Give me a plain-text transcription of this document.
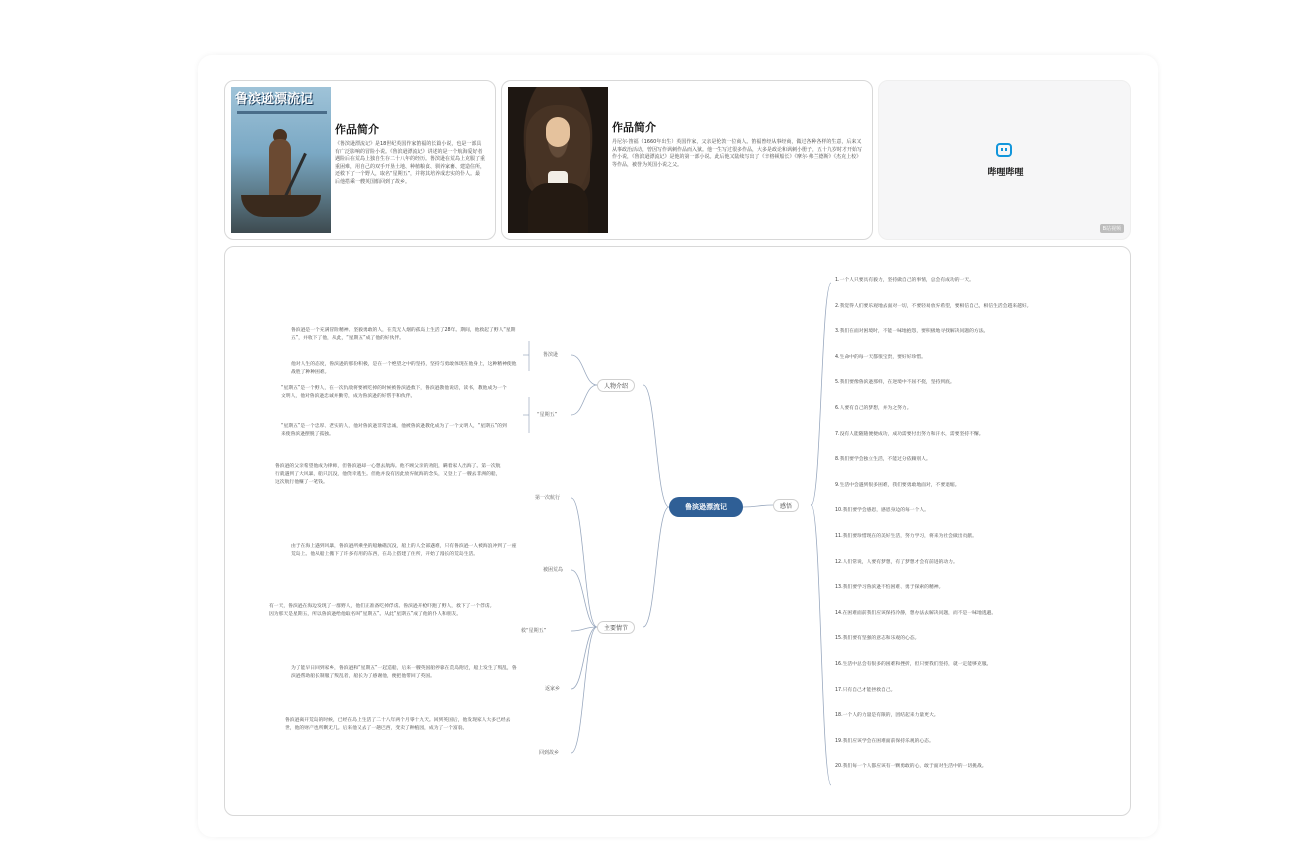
鲁滨逊漂流记
作品简介
《鲁滨逊漂流记》是18世纪英国作家笛福的长篇小说，也是一部具有广泛影响的冒险小说。《鲁滨逊漂流记》讲述的是一个航海爱好者遇险后在荒岛上独自生存二十八年的经历。鲁滨逊在荒岛上克服了重重困难，用自己的双手开垦土地、种植粮食、驯养家畜、建造住所，还救下了一个野人，取名“星期五”，并将其培养成忠实的仆人。最后他搭乘一艘英国船回到了故乡。
作品简介
丹尼尔·笛福（1660年出生）英国作家，父亲是伦敦一位商人。笛福曾经从事经商，做过各种各样的生意，后来又从事政治活动，曾因写作讽刺作品而入狱。他一生写过很多作品，大多是政论和讽刺小册子，五十九岁时才开始写作小说，《鲁滨逊漂流记》是他的第一部小说。此后他又陆续写出了《辛格顿船长》《摩尔·弗兰德斯》《杰克上校》等作品，被誉为英国小说之父。
哔哩哔哩
B站视频
鲁滨逊漂流记
人物介绍
主要情节
鲁滨逊
“星期五”
第一次航行
被困荒岛
救“星期五”
返家乡
回到故乡
鲁滨逊是一个充满冒险精神、坚毅勇敢的人，在荒无人烟的孤岛上生活了28年。期间，他救起了野人“星期五”，并收下了他，从此，“星期五”成了他的好伙伴。
他对人生的态度，鲁滨逊的那份积极，是在一个绝望之中的坚持，坚持与勇敢体现在他身上，这种精神使他战胜了种种困难。
“星期五”是一个野人，在一次仇敌将要被吃掉的时候被鲁滨逊救下，鲁滨逊教他说话，读书，教他成为一个文明人，他对鲁滨逊忠诚并勤劳，成为鲁滨逊的好帮手和伙伴。
“星期五”是一个忠厚、老实的人，他对鲁滨逊非常忠诚，他被鲁滨逊教化成为了一个文明人，“星期五”的到来使鲁滨逊摆脱了孤独。
鲁滨逊的父亲希望他成为律师，但鲁滨逊却一心想去航海。他不顾父亲的劝阻，瞒着家人出海了。第一次航行就遇到了大风暴，船只沉没，他侥幸逃生。但他并没有因此放弃航海的念头，又登上了一艘去非洲的船，这次航行他赚了一笔钱。
由于在海上遇到风暴，鲁滨逊所乘坐的船触礁沉没，船上的人全部遇难，只有鲁滨逊一人被海浪冲到了一座荒岛上。他从船上搬下了许多有用的东西，在岛上搭建了住所，开始了漫长的荒岛生活。
有一天，鲁滨逊在海边发现了一群野人，他们正准备吃掉俘虏。鲁滨逊开枪吓跑了野人，救下了一个俘虏。因为那天是星期五，所以鲁滨逊给他取名叫“星期五”。从此“星期五”成了他的仆人和朋友。
为了能早日回到家乡，鲁滨逊和“星期五”一起造船，后来一艘英国船停靠在荒岛附近，船上发生了叛乱，鲁滨逊帮助船长制服了叛乱者，船长为了感谢他，便把他带回了英国。
鲁滨逊离开荒岛的时候，已经在岛上生活了二十八年两个月零十九天。回到英国后，他发现家人大多已经去世，他的财产也所剩无几。后来他又去了一趟巴西，变卖了种植园，成为了一个富翁。
感悟
1.一个人只要具有毅力，坚持做自己的事情，总会有成功的一天。
2.我觉得人们要乐观地去面对一切，不要轻易放弃希望，要相信自己，相信生活会越来越好。
3.我们在面对困境时，不能一味地抱怨，要积极地寻找解决问题的方法。
4.生命中的每一天都很宝贵，要好好珍惜。
5.我们要像鲁滨逊那样，在逆境中不屈不挠，坚持到底。
6.人要有自己的梦想，并为之努力。
7.没有人能随随便便成功，成功需要付出努力和汗水，需要坚持不懈。
8.我们要学会独立生活，不能过分依赖别人。
9.生活中会遇到很多困难，我们要勇敢地面对，不要退缩。
10.我们要学会感恩，感恩身边的每一个人。
11.我们要珍惜现在的美好生活，努力学习，将来为社会做出贡献。
12.人们常说，人要有梦想，有了梦想才会有前进的动力。
13.我们要学习鲁滨逊不怕困难、勇于探索的精神。
14.在困难面前我们应该保持冷静，想办法去解决问题，而不是一味地逃避。
15.我们要有坚强的意志和乐观的心态。
16.生活中总会有很多的困难和挫折，但只要我们坚持，就一定能够克服。
17.只有自己才能拯救自己。
18.一个人的力量是有限的，团结起来力量更大。
19.我们应该学会在困难面前保持乐观的心态。
20.我们每一个人都应该有一颗勇敢的心，敢于面对生活中的一切挑战。
